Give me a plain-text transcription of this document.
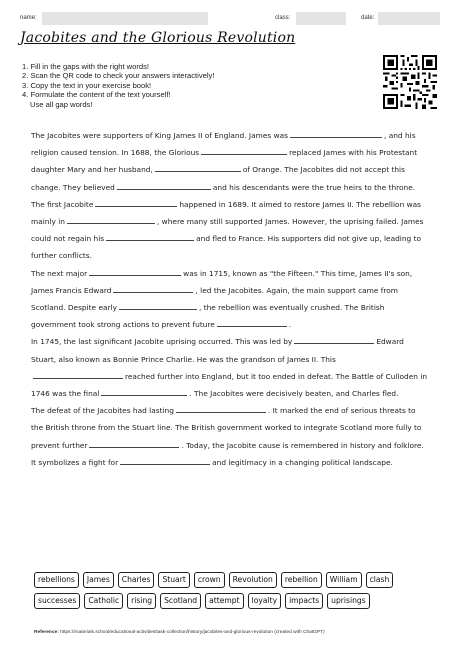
name:	class:	date:
Jacobites and the Glorious Revolution
1. Fill in the gaps with the right words!
2. Scan the QR code to check your answers interactively!
3. Copy the text in your exercise book!
4. Formulate the content of the text yourself!
Use all gap words!

The Jacobites were supporters of King James II of England. James was	, and his religion caused tension. In 1688, the Glorious	replaced James with his Protestant daughter Mary and her husband,	of Orange. The Jacobites did not accept this change. They believed	and his descendants were the true heirs to the throne.

The first Jacobite	happened in 1689. It aimed to restore James II. The rebellion was mainly in	, where many still supported James. However, the uprising failed. James could not regain his	and fled to France. His supporters did not give up, leading to further conflicts.

The next major	was in 1715, known as "the Fifteen." This time, James II's son, James Francis Edward	, led the Jacobites. Again, the main support came from Scotland. Despite early	, the rebellion was eventually crushed. The British government took strong actions to prevent future	.

In 1745, the last significant Jacobite uprising occurred. This was led by	Edward Stuart, also known as Bonnie Prince Charlie. He was the grandson of James II. Thisreached further into England, but it too ended in defeat. The Battle of Culloden in 1746 was the final	. The Jacobites were decisively beaten, and Charles fled.

The defeat of the Jacobites had lasting	. It marked the end of serious threats to the British throne from the Stuart line. The British government worked to integrate Scotland more fully to prevent further	. Today, the Jacobite cause is remembered in history and folklore. It symbolizes a fight for	and legitimacy in a changing political landscape.

rebellions	James	Charles	Stuart	crown	Revolution	rebellion	William	clash
successes	Catholic	rising	Scotland	attempt	loyalty	impacts	uprisings
Reference: https://materials.school/educational-activities/task-collection/history/jacobites-and-glorious-revolution (created with ChatGPT)
